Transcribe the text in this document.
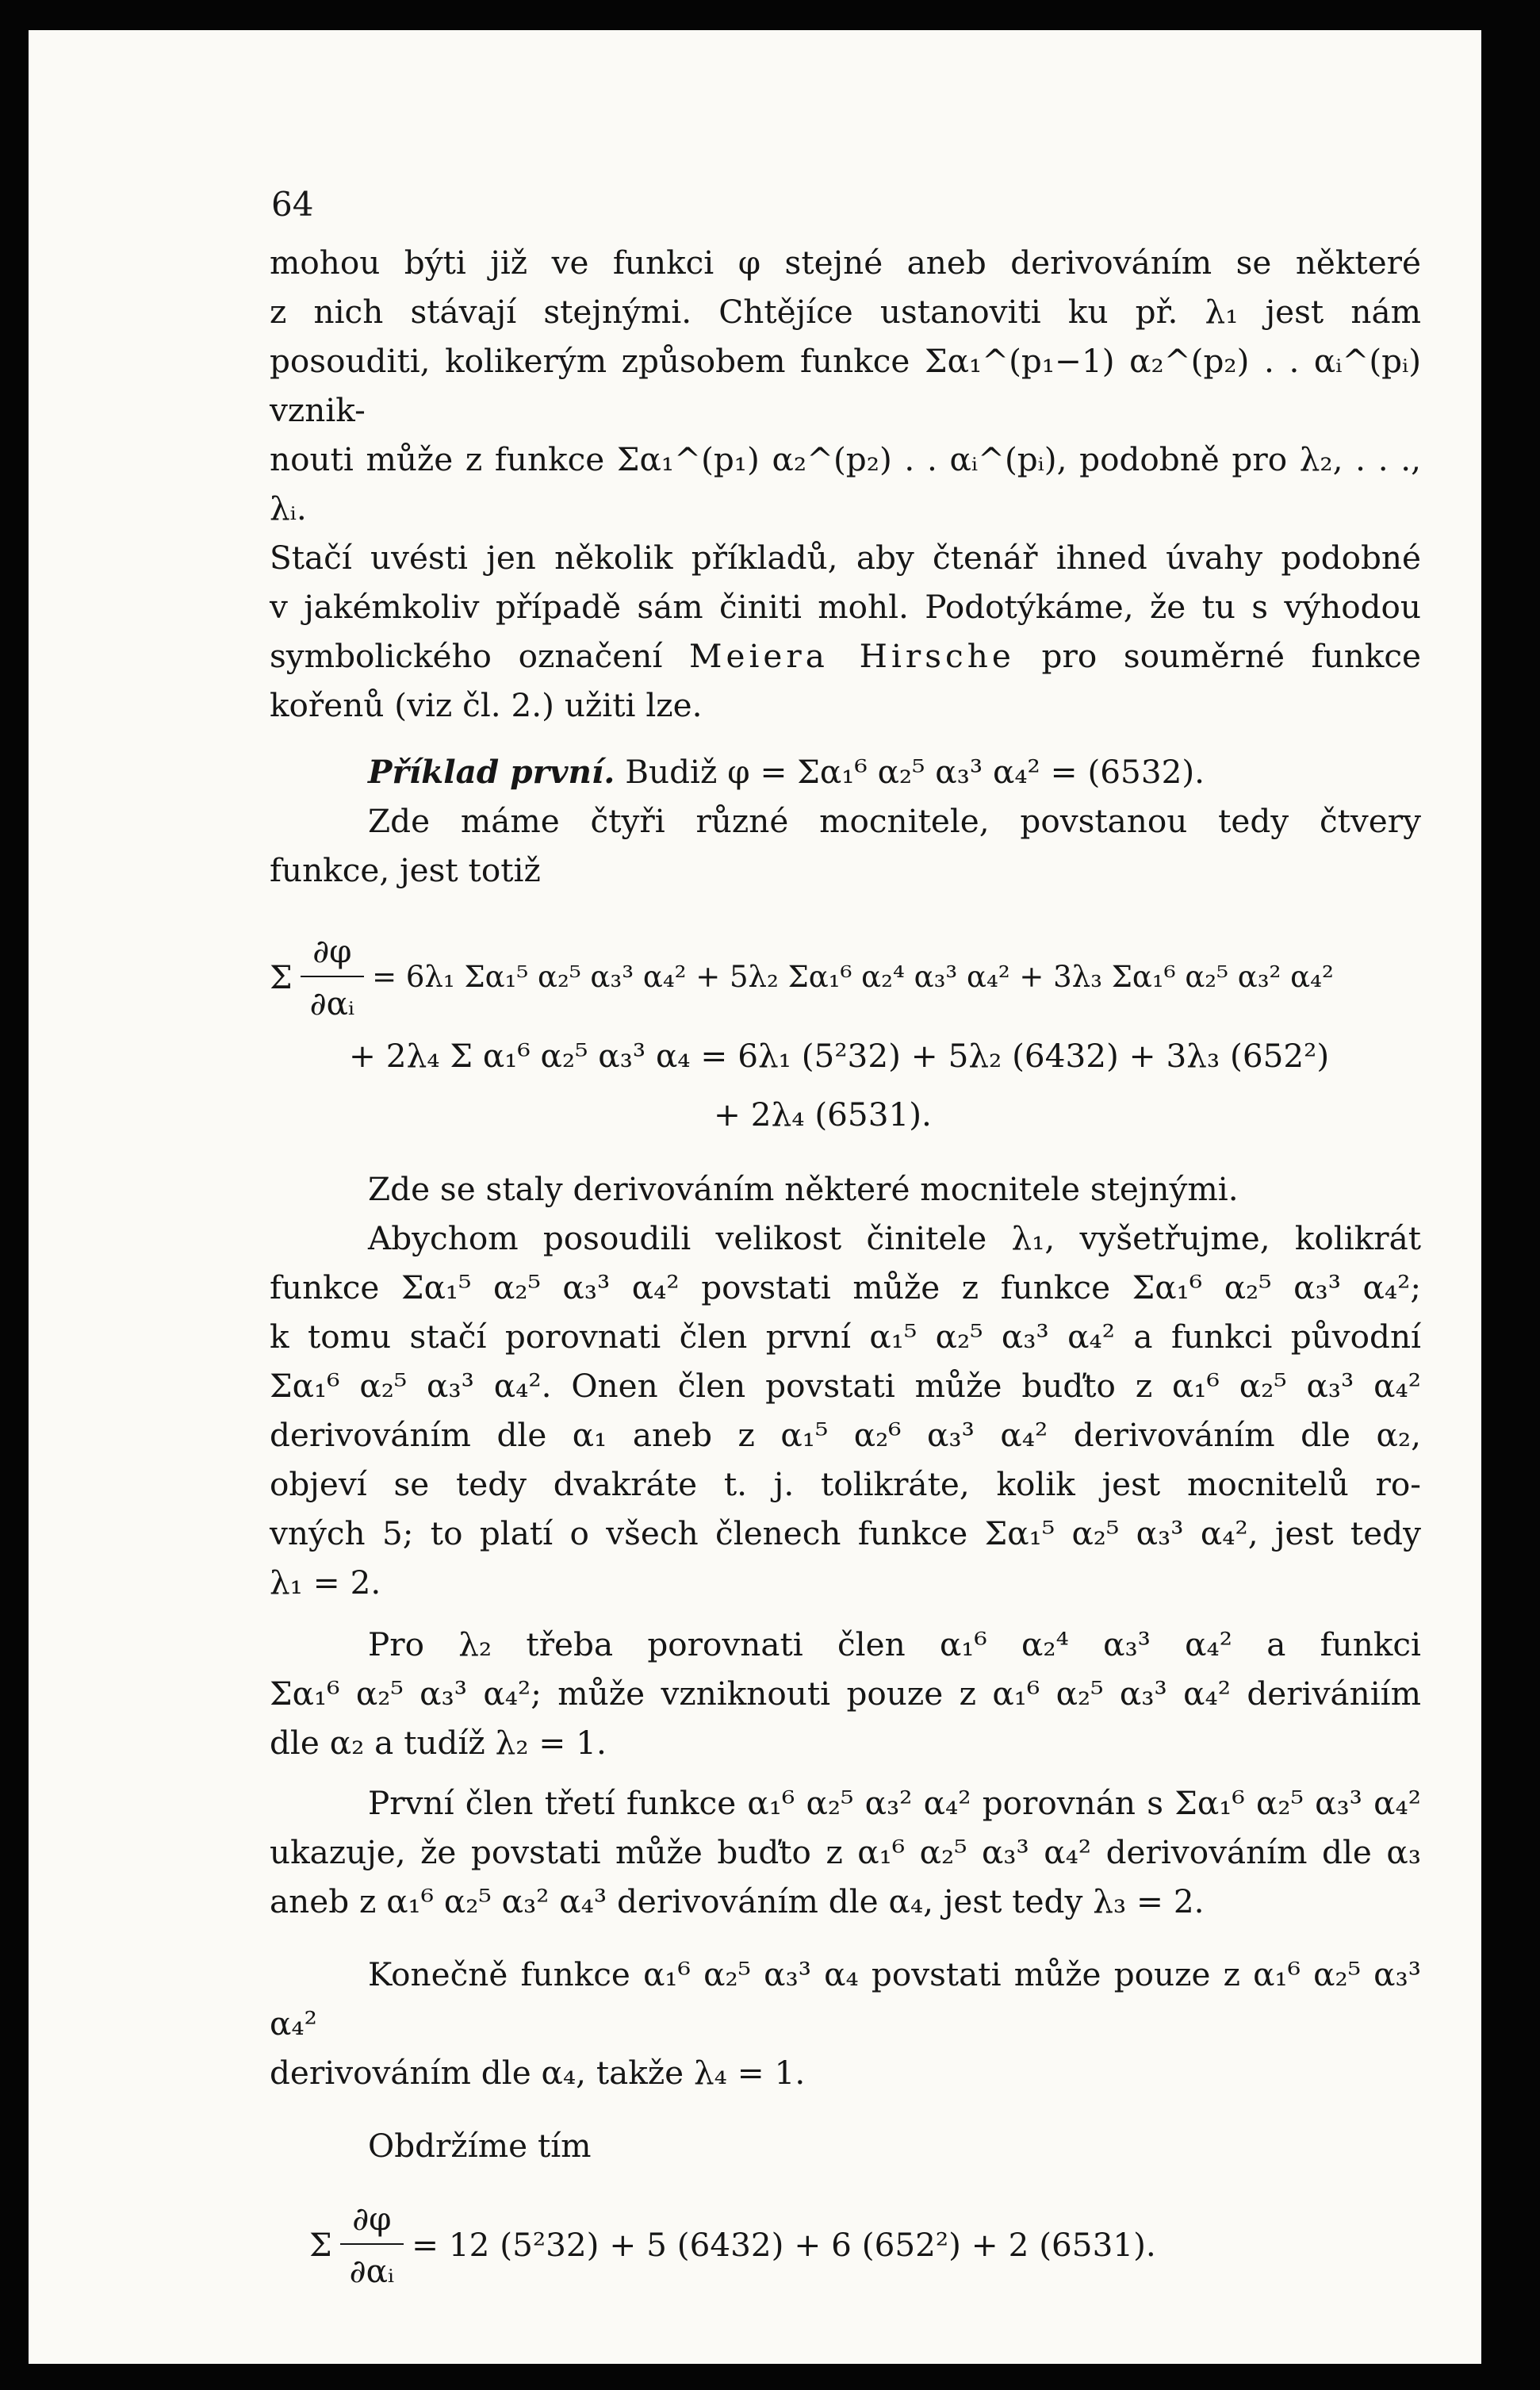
64

mohou býti již ve funkci φ stejné aneb derivováním se některé

z nich stávají stejnými. Chtějíce ustanoviti ku př. λ₁ jest nám

posouditi, kolikerým způsobem funkce Σα₁^(p₁−1) α₂^(p₂) . . αᵢ^(pᵢ) vznik-

nouti může z funkce Σα₁^(p₁) α₂^(p₂) . . αᵢ^(pᵢ), podobně pro λ₂, . . ., λᵢ.

Stačí uvésti jen několik příkladů, aby čtenář ihned úvahy podobné

v jakémkoliv případě sám činiti mohl. Podotýkáme, že tu s výhodou

symbolického označení Meiera Hirsche pro souměrné funkce

kořenů (viz čl. 2.) užiti lze.

Příklad první. Budiž φ = Σα₁⁶ α₂⁵ α₃³ α₄² = (6532).

Zde máme čtyři různé mocnitele, povstanou tedy čtvery

funkce, jest totiž

Σ $\frac{\partial\varphi}{\text{∂αᵢ}} = 6\lambda_1$ Σα₁⁵ α₂⁵ α₃³ α₄² + 5λ₂ Σα₁⁶ α₂⁴ α₃³ α₄² + 3λ₃ Σα₁⁶ α₂⁵ α₃² α₄²

+ 2λ₄ Σ α₁⁶ α₂⁵ α₃³ α₄ = 6λ₁ (5²32) + 5λ₂ (6432) + 3λ₃ (652²)

+ 2λ₄ (6531).

Zde se staly derivováním některé mocnitele stejnými.

Abychom posoudili velikost činitele λ₁, vyšetřujme, kolikrát

funkce Σα₁⁵ α₂⁵ α₃³ α₄² povstati může z funkce Σα₁⁶ α₂⁵ α₃³ α₄²;

k tomu stačí porovnati člen první α₁⁵ α₂⁵ α₃³ α₄² a funkci původní

Σα₁⁶ α₂⁵ α₃³ α₄². Onen člen povstati může buďto z α₁⁶ α₂⁵ α₃³ α₄²

derivováním dle α₁ aneb z α₁⁵ α₂⁶ α₃³ α₄² derivováním dle α₂,

objeví se tedy dvakráte t. j. tolikráte, kolik jest mocnitelů ro-

vných 5; to platí o všech členech funkce Σα₁⁵ α₂⁵ α₃³ α₄², jest tedy

λ₁ = 2.

Pro λ₂ třeba porovnati člen α₁⁶ α₂⁴ α₃³ α₄² a funkci

Σα₁⁶ α₂⁵ α₃³ α₄²; může vzniknouti pouze z α₁⁶ α₂⁵ α₃³ α₄² derivániím

dle α₂ a tudíž λ₂ = 1.

První člen třetí funkce α₁⁶ α₂⁵ α₃² α₄² porovnán s Σα₁⁶ α₂⁵ α₃³ α₄²

ukazuje, že povstati může buďto z α₁⁶ α₂⁵ α₃³ α₄² derivováním dle α₃

aneb z α₁⁶ α₂⁵ α₃² α₄³ derivováním dle α₄, jest tedy λ₃ = 2.

Konečně funkce α₁⁶ α₂⁵ α₃³ α₄ povstati může pouze z α₁⁶ α₂⁵ α₃³ α₄²

derivováním dle α₄, takže λ₄ = 1.

Obdržíme tím

Σ $\frac{\partial\varphi}{\text{∂αᵢ}} = 12$ (5²32) + 5 (6432) + 6 (652²) + 2 (6531).
